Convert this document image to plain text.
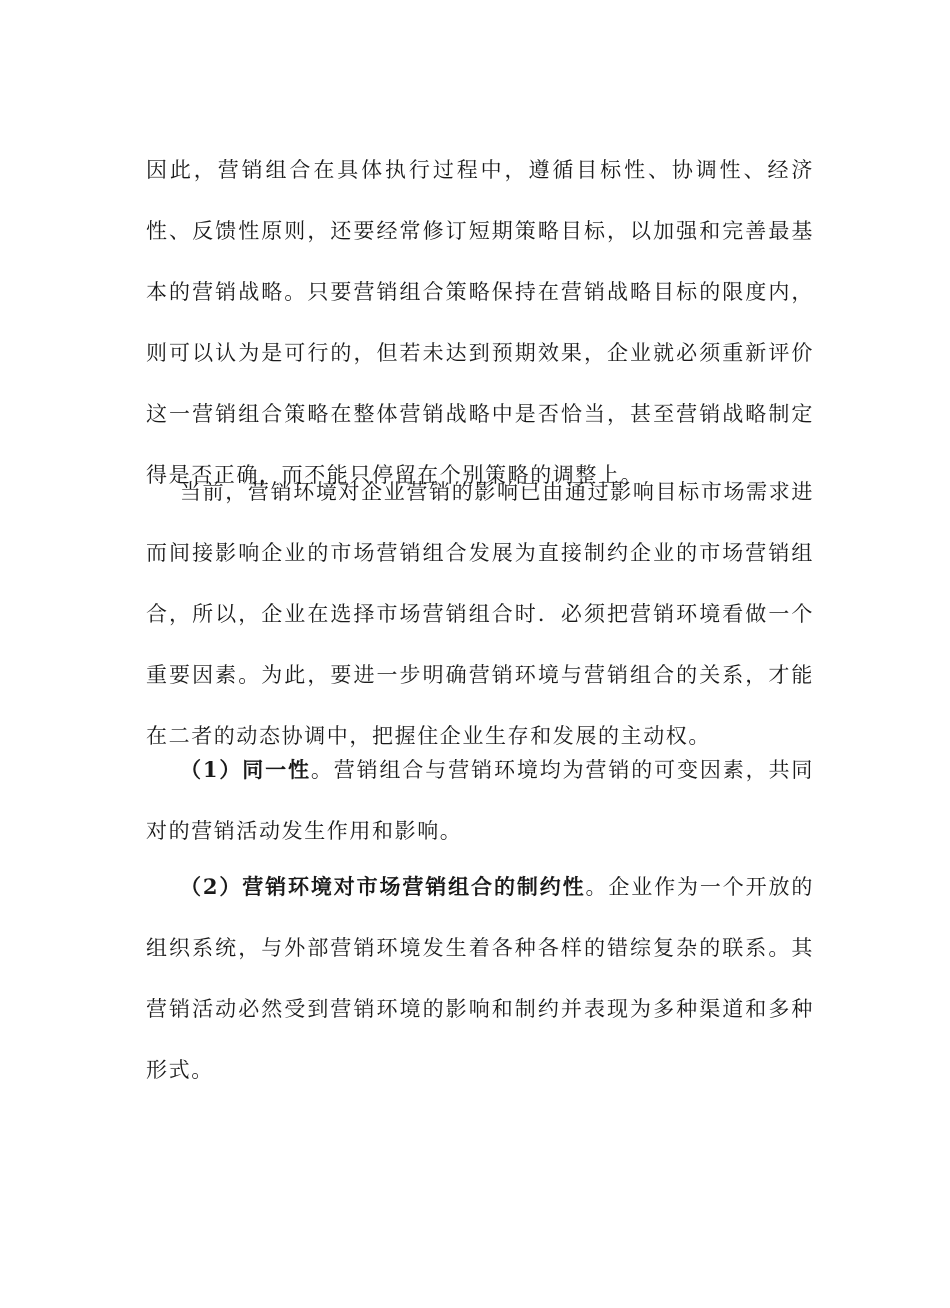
因此，营销组合在具体执行过程中，遵循目标性、协调性、经济性、反馈性原则，还要经常修订短期策略目标，以加强和完善最基本的营销战略。只要营销组合策略保持在营销战略目标的限度内，则可以认为是可行的，但若未达到预期效果，企业就必须重新评价这一营销组合策略在整体营销战略中是否恰当，甚至营销战略制定得是否正确，而不能只停留在个别策略的调整上。

当前，营销环境对企业营销的影响已由通过影响目标市场需求进而间接影响企业的市场营销组合发展为直接制约企业的市场营销组合，所以，企业在选择市场营销组合时．必须把营销环境看做一个重要因素。为此，要进一步明确营销环境与营销组合的关系，才能在二者的动态协调中，把握住企业生存和发展的主动权。

（1）同一性。营销组合与营销环境均为营销的可变因素，共同对的营销活动发生作用和影响。

（2）营销环境对市场营销组合的制约性。企业作为一个开放的组织系统，与外部营销环境发生着各种各样的错综复杂的联系。其营销活动必然受到营销环境的影响和制约并表现为多种渠道和多种形式。
